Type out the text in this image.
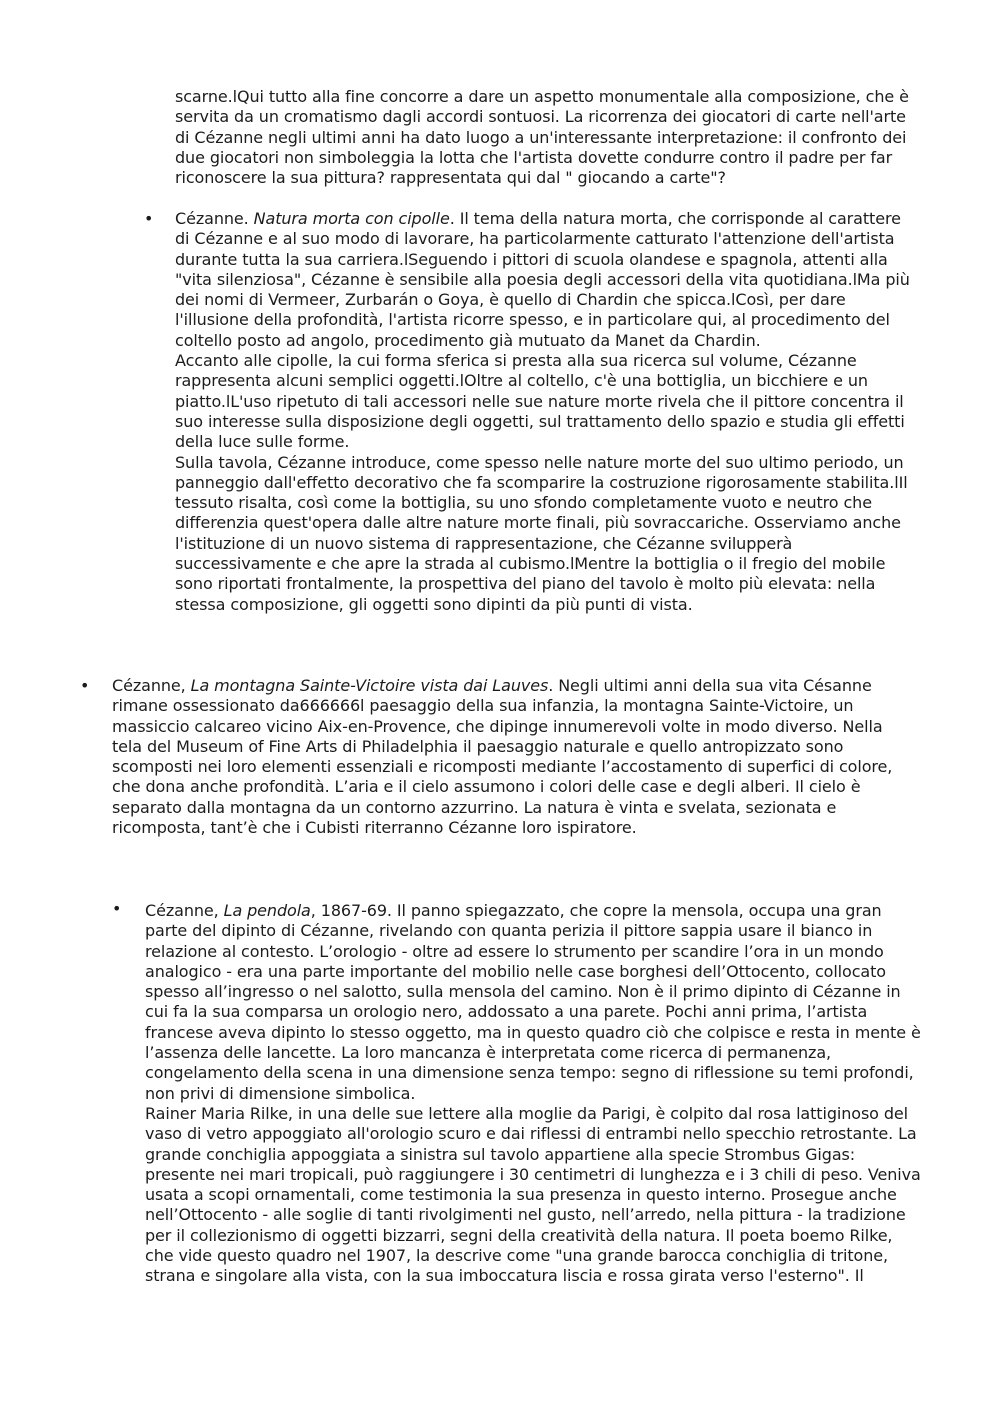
scarne.lQui tutto alla fine concorre a dare un aspetto monumentale alla composizione, che è servita da un cromatismo dagli accordi sontuosi. La ricorrenza dei giocatori di carte nell'arte di Cézanne negli ultimi anni ha dato luogo a un'interessante interpretazione: il confronto dei due giocatori non simboleggia la lotta che l'artista dovette condurre contro il padre per far riconoscere la sua pittura? rappresentata qui dal " giocando a carte"?

• Cézanne. Natura morta con cipolle. Il tema della natura morta, che corrisponde al carattere di Cézanne e al suo modo di lavorare, ha particolarmente catturato l'attenzione dell'artista durante tutta la sua carriera.lSeguendo i pittori di scuola olandese e spagnola, attenti alla "vita silenziosa", Cézanne è sensibile alla poesia degli accessori della vita quotidiana.lMa più dei nomi di Vermeer, Zurbarán o Goya, è quello di Chardin che spicca.lCosì, per dare l'illusione della profondità, l'artista ricorre spesso, e in particolare qui, al procedimento del coltello posto ad angolo, procedimento già mutuato da Manet da Chardin.

Accanto alle cipolle, la cui forma sferica si presta alla sua ricerca sul volume, Cézanne rappresenta alcuni semplici oggetti.lOltre al coltello, c'è una bottiglia, un bicchiere e un piatto.lL'uso ripetuto di tali accessori nelle sue nature morte rivela che il pittore concentra il suo interesse sulla disposizione degli oggetti, sul trattamento dello spazio e studia gli effetti della luce sulle forme.

Sulla tavola, Cézanne introduce, come spesso nelle nature morte del suo ultimo periodo, un panneggio dall'effetto decorativo che fa scomparire la costruzione rigorosamente stabilita.lIl tessuto risalta, così come la bottiglia, su uno sfondo completamente vuoto e neutro che differenzia quest'opera dalle altre nature morte finali, più sovraccariche. Osserviamo anche l'istituzione di un nuovo sistema di rappresentazione, che Cézanne svilupperà successivamente e che apre la strada al cubismo.lMentre la bottiglia o il fregio del mobile sono riportati frontalmente, la prospettiva del piano del tavolo è molto più elevata: nella stessa composizione, gli oggetti sono dipinti da più punti di vista.

• Cézanne, La montagna Sainte-Victoire vista dai Lauves. Negli ultimi anni della sua vita Césanne rimane ossessionato da666666l paesaggio della sua infanzia, la montagna Sainte-Victoire, un massiccio calcareo vicino Aix-en-Provence, che dipinge innumerevoli volte in modo diverso. Nella tela del Museum of Fine Arts di Philadelphia il paesaggio naturale e quello antropizzato sono scomposti nei loro elementi essenziali e ricomposti mediante l’accostamento di superfici di colore, che dona anche profondità. L’aria e il cielo assumono i colori delle case e degli alberi. Il cielo è separato dalla montagna da un contorno azzurrino. La natura è vinta e svelata, sezionata e ricomposta, tant’è che i Cubisti riterranno Cézanne loro ispiratore.

• Cézanne, La pendola, 1867-69. Il panno spiegazzato, che copre la mensola, occupa una gran parte del dipinto di Cézanne, rivelando con quanta perizia il pittore sappia usare il bianco in relazione al contesto. L’orologio - oltre ad essere lo strumento per scandire l’ora in un mondo analogico - era una parte importante del mobilio nelle case borghesi dell’Ottocento, collocato spesso all’ingresso o nel salotto, sulla mensola del camino. Non è il primo dipinto di Cézanne in cui fa la sua comparsa un orologio nero, addossato a una parete. Pochi anni prima, l’artista francese aveva dipinto lo stesso oggetto, ma in questo quadro ciò che colpisce e resta in mente è l’assenza delle lancette. La loro mancanza è interpretata come ricerca di permanenza, congelamento della scena in una dimensione senza tempo: segno di riflessione su temi profondi, non privi di dimensione simbolica.

Rainer Maria Rilke, in una delle sue lettere alla moglie da Parigi, è colpito dal rosa lattiginoso del vaso di vetro appoggiato all'orologio scuro e dai riflessi di entrambi nello specchio retrostante. La grande conchiglia appoggiata a sinistra sul tavolo appartiene alla specie Strombus Gigas: presente nei mari tropicali, può raggiungere i 30 centimetri di lunghezza e i 3 chili di peso. Veniva usata a scopi ornamentali, come testimonia la sua presenza in questo interno. Prosegue anche nell’Ottocento - alle soglie di tanti rivolgimenti nel gusto, nell’arredo, nella pittura - la tradizione per il collezionismo di oggetti bizzarri, segni della creatività della natura. Il poeta boemo Rilke, che vide questo quadro nel 1907, la descrive come "una grande barocca conchiglia di tritone, strana e singolare alla vista, con la sua imboccatura liscia e rossa girata verso l'esterno". Il
